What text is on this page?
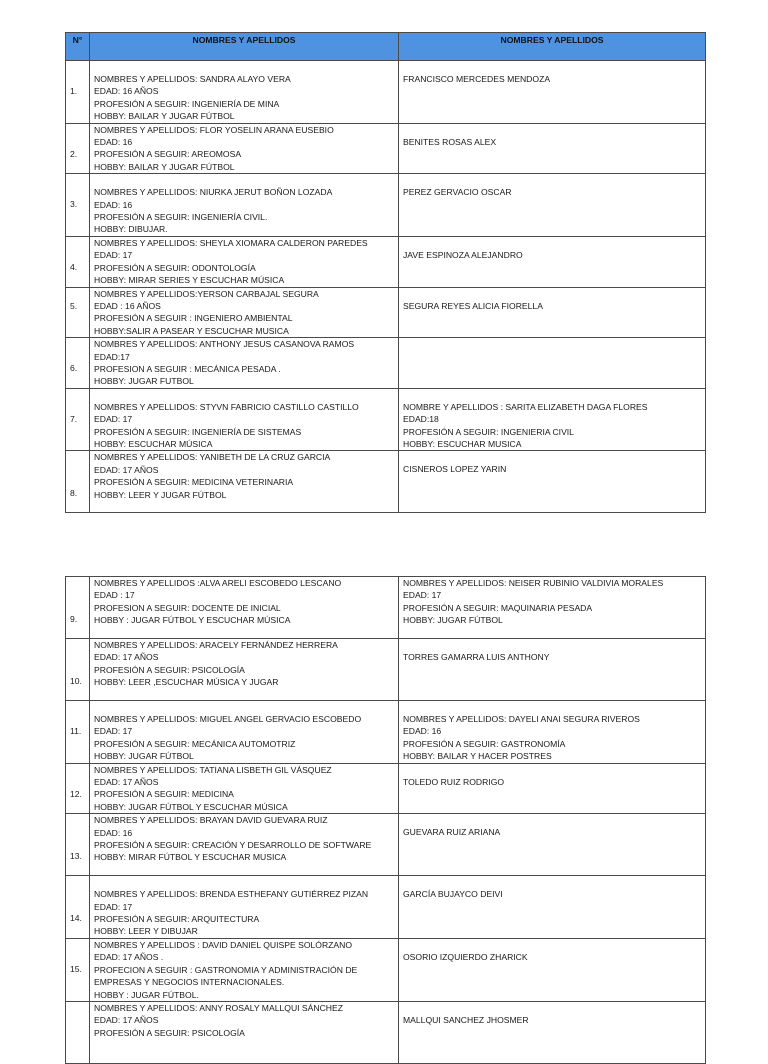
N°	NOMBRES Y APELLIDOS	NOMBRES Y APELLIDOS

1.	NOMBRES Y APELLIDOS: SANDRA ALAYO VERA
EDAD: 16 AÑOS
PROFESIÓN A SEGUIR: INGENIERÍA DE MINA
HOBBY: BAILAR Y JUGAR FÚTBOL	FRANCISCO MERCEDES MENDOZA

2.	NOMBRES Y APELLIDOS: FLOR YOSELIN ARANA EUSEBIO
EDAD: 16
PROFESIÓN A SEGUIR: AREOMOSA
HOBBY: BAILAR Y JUGAR FÚTBOL	BENITES ROSAS ALEX

3.	NOMBRES Y APELLIDOS: NIURKA JERUT BOÑON LOZADA
EDAD: 16
PROFESIÓN A SEGUIR: INGENIERÍA CIVIL.
HOBBY: DIBUJAR.	PEREZ GERVACIO OSCAR

4.	NOMBRES Y APELLIDOS: SHEYLA XIOMARA CALDERON PAREDES
EDAD: 17
PROFESIÓN A SEGUIR: ODONTOLOGÍA
HOBBY: MIRAR SERIES Y ESCUCHAR MÚSICA	JAVE ESPINOZA ALEJANDRO

5.	NOMBRES Y APELLIDOS:YERSON CARBAJAL SEGURA
EDAD : 16 AÑOS
PROFESIÓN A SEGUIR : INGENIERO AMBIENTAL
HOBBY:SALIR A PASEAR Y ESCUCHAR MUSICA	SEGURA REYES ALICIA FIORELLA

6.	NOMBRES Y APELLIDOS: ANTHONY JESUS CASANOVA RAMOS
EDAD:17
PROFESION A SEGUIR : MECÁNICA PESADA .
HOBBY: JUGAR FUTBOL	

7.	NOMBRES Y APELLIDOS: STYVN FABRICIO CASTILLO CASTILLO
EDAD: 17
PROFESIÓN A SEGUIR: INGENIERÍA DE SISTEMAS
HOBBY: ESCUCHAR MÚSICA	NOMBRE Y APELLIDOS : SARITA ELIZABETH DAGA FLORES
EDAD:18
PROFESIÓN A SEGUIR: INGENIERIA CIVIL
HOBBY: ESCUCHAR MUSICA

8.	NOMBRES Y APELLIDOS: YANIBETH DE LA CRUZ GARCIA
EDAD: 17 AÑOS
PROFESIÓN A SEGUIR: MEDICINA VETERINARIA
HOBBY: LEER Y JUGAR FÚTBOL	CISNEROS LOPEZ YARIN
9.	NOMBRES Y APELLIDOS :ALVA ARELI ESCOBEDO LESCANO
EDAD : 17
PROFESION A SEGUIR: DOCENTE DE INICIAL
HOBBY : JUGAR FÚTBOL Y ESCUCHAR MÚSICA	NOMBRES Y APELLIDOS: NEISER RUBINIO VALDIVIA MORALES
EDAD: 17
PROFESIÓN A SEGUIR: MAQUINARIA PESADA
HOBBY: JUGAR FÚTBOL

10.	NOMBRES Y APELLIDOS: ARACELY FERNÁNDEZ HERRERA
EDAD: 17 AÑOS
PROFESIÓN A SEGUIR: PSICOLOGÍA
HOBBY: LEER ,ESCUCHAR MÚSICA Y JUGAR	TORRES GAMARRA LUIS ANTHONY

11.	NOMBRES Y APELLIDOS: MIGUEL ANGEL GERVACIO ESCOBEDO
EDAD: 17
PROFESIÓN A SEGUIR: MECÁNICA AUTOMOTRIZ
HOBBY: JUGAR FÚTBOL	NOMBRES Y APELLIDOS: DAYELI ANAI SEGURA RIVEROS
EDAD: 16
PROFESIÓN A SEGUIR: GASTRONOMÍA
HOBBY: BAILAR Y HACER POSTRES

12.	NOMBRES Y APELLIDOS: TATIANA LISBETH GIL VÁSQUEZ
EDAD: 17 AÑOS
PROFESIÓN A SEGUIR: MEDICINA
HOBBY: JUGAR FÚTBOL Y ESCUCHAR MÚSICA	TOLEDO RUIZ RODRIGO

13.	NOMBRES Y APELLIDOS: BRAYAN DAVID GUEVARA RUIZ
EDAD: 16
PROFESIÓN A SEGUIR: CREACIÓN Y DESARROLLO DE SOFTWARE
HOBBY: MIRAR FÚTBOL Y ESCUCHAR MUSICA	GUEVARA RUIZ ARIANA

14.	NOMBRES Y APELLIDOS: BRENDA ESTHEFANY GUTIÉRREZ PIZAN
EDAD: 17
PROFESIÓN A SEGUIR: ARQUITECTURA
HOBBY: LEER Y DIBUJAR	GARCÍA BUJAYCO DEIVI

15.	NOMBRES Y APELLIDOS : DAVID DANIEL QUISPE SOLÓRZANO
EDAD: 17 AÑOS .
PROFECION A SEGUIR : GASTRONOMIA Y ADMINISTRACIÓN DE
EMPRESAS Y NEGOCIOS INTERNACIONALES.
HOBBY : JUGAR FÚTBOL.	OSORIO IZQUIERDO ZHARICK

	NOMBRES Y APELLIDOS: ANNY ROSALY MALLQUI SÁNCHEZ
EDAD: 17 AÑOS
PROFESIÓN A SEGUIR: PSICOLOGÍA	MALLQUI SANCHEZ JHOSMER
